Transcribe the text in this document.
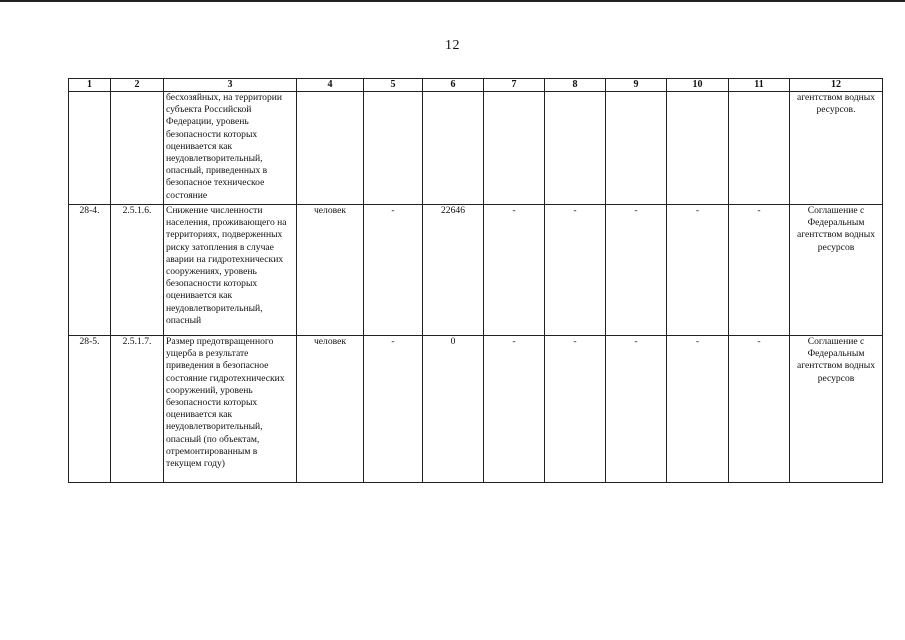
12
1	2	3	4	5	6	7	8	9	10	11	12
		бесхозяйных, на территории субъекта Российской Федерации, уровень безопасности которых оценивается как неудовлетворительный, опасный, приведенных в безопасное техническое состояние									агентством водных ресурсов.
28-4.	2.5.1.6.	Снижение численности населения, проживающего на территориях, подверженных риску затопления в случае аварии на гидротехнических сооружениях, уровень безопасности которых оценивается как неудовлетворительный, опасный	человек	-	22646	-	-	-	-	-	Соглашение с Федеральным агентством водных ресурсов
28-5.	2.5.1.7.	Размер предотвращенного ущерба в результате приведения в безопасное состояние гидротехнических сооружений, уровень безопасности которых оценивается как неудовлетворительный, опасный (по объектам, отремонтированным в текущем году)	человек	-	0	-	-	-	-	-	Соглашение с Федеральным агентством водных ресурсов
